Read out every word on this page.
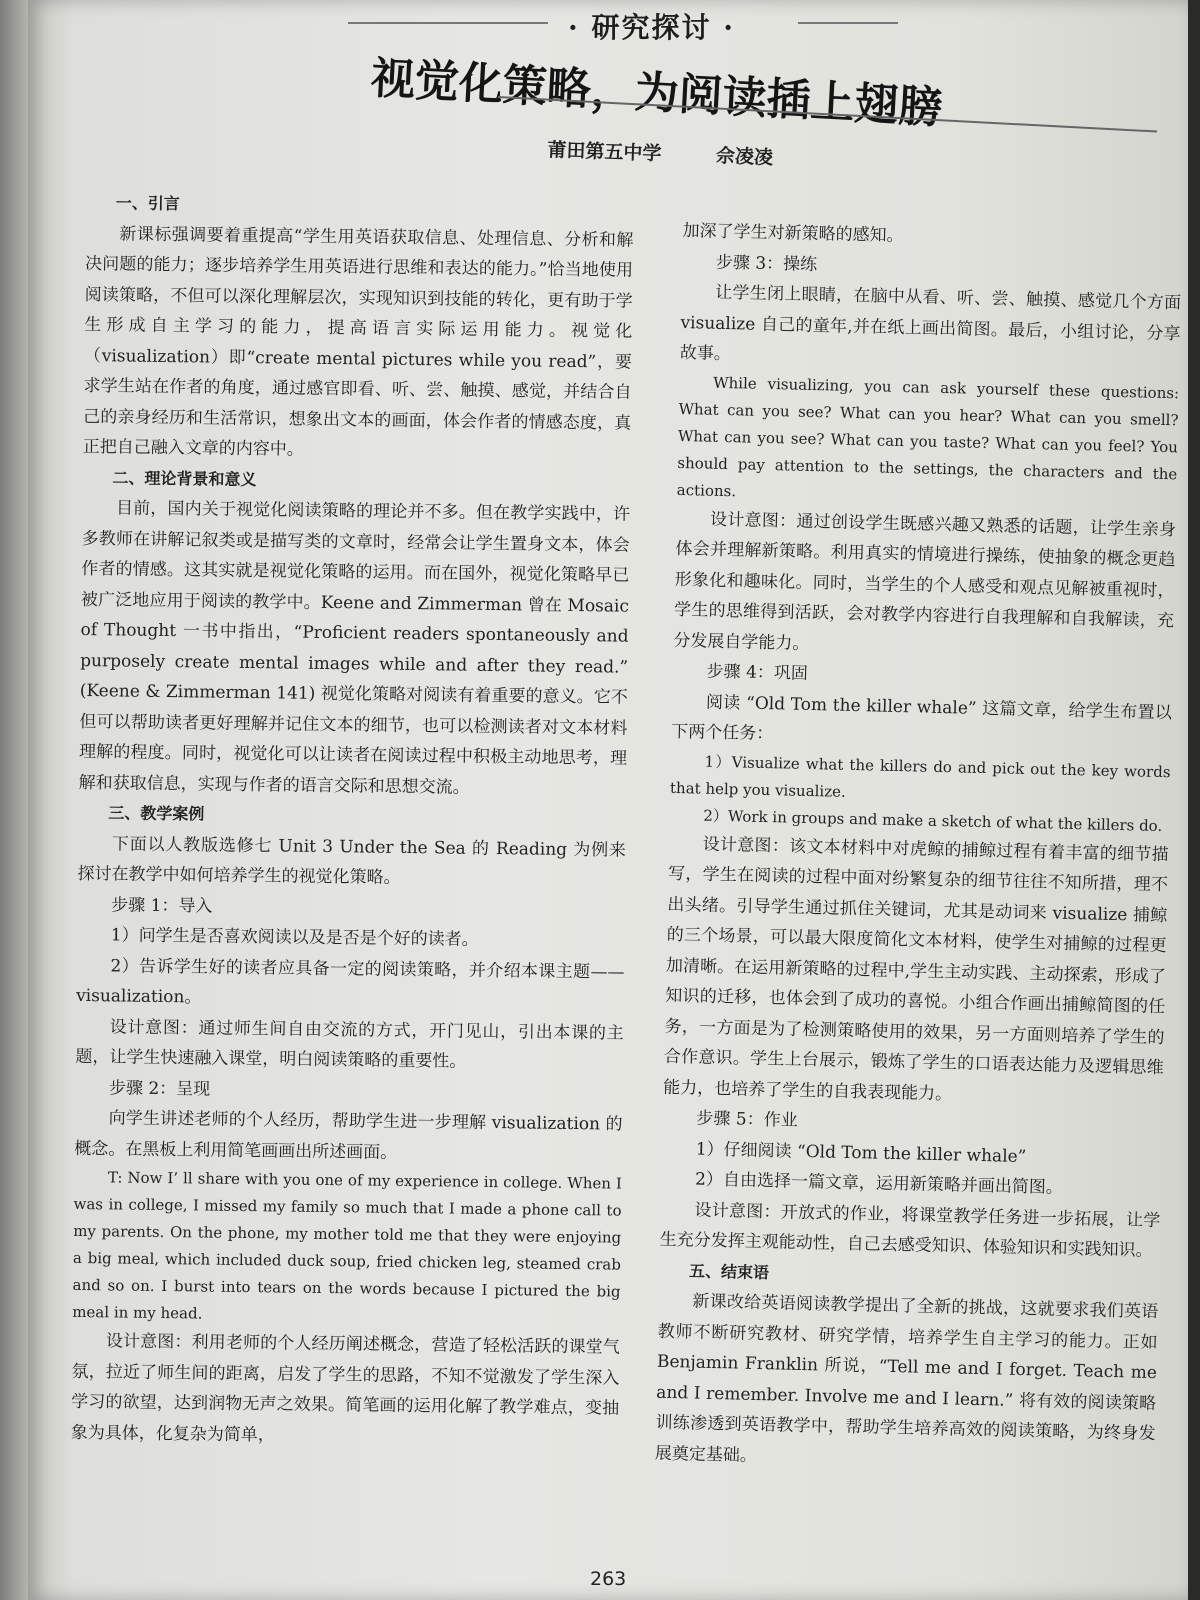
· 研究探讨 ·
视觉化策略，为阅读插上翅膀
莆田第五中学	佘凌凌

一、引言

新课标强调要着重提高“学生用英语获取信息、处理信息、分析和解决问题的能力；逐步培养学生用英语进行思维和表达的能力。”恰当地使用阅读策略，不但可以深化理解层次，实现知识到技能的转化，更有助于学生形成自主学习的能力，提高语言实际运用能力。视觉化（visualization）即“create mental pictures while you read”，要求学生站在作者的角度，通过感官即看、听、尝、触摸、感觉，并结合自己的亲身经历和生活常识，想象出文本的画面，体会作者的情感态度，真正把自己融入文章的内容中。

二、理论背景和意义

目前，国内关于视觉化阅读策略的理论并不多。但在教学实践中，许多教师在讲解记叙类或是描写类的文章时，经常会让学生置身文本，体会作者的情感。这其实就是视觉化策略的运用。而在国外，视觉化策略早已被广泛地应用于阅读的教学中。Keene and Zimmerman 曾在 Mosaic of Thought 一书中指出，“Proficient readers spontaneously and purposely create mental images while and after they read.” (Keene & Zimmerman 141) 视觉化策略对阅读有着重要的意义。它不但可以帮助读者更好理解并记住文本的细节，也可以检测读者对文本材料理解的程度。同时，视觉化可以让读者在阅读过程中积极主动地思考，理解和获取信息，实现与作者的语言交际和思想交流。

三、教学案例

下面以人教版选修七 Unit 3 Under the Sea 的 Reading 为例来探讨在教学中如何培养学生的视觉化策略。

步骤 1：导入

1）问学生是否喜欢阅读以及是否是个好的读者。

2）告诉学生好的读者应具备一定的阅读策略，并介绍本课主题——visualization。

设计意图：通过师生间自由交流的方式，开门见山，引出本课的主题，让学生快速融入课堂，明白阅读策略的重要性。

步骤 2：呈现

向学生讲述老师的个人经历，帮助学生进一步理解 visualization 的概念。在黑板上利用简笔画画出所述画面。

T: Now I’ ll share with you one of my experience in college. When I was in college, I missed my family so much that I made a phone call to my parents. On the phone, my mother told me that they were enjoying a big meal, which included duck soup, fried chicken leg, steamed crab and so on. I burst into tears on the words because I pictured the big meal in my head.

设计意图：利用老师的个人经历阐述概念，营造了轻松活跃的课堂气氛，拉近了师生间的距离，启发了学生的思路，不知不觉激发了学生深入学习的欲望，达到润物无声之效果。简笔画的运用化解了教学难点，变抽象为具体，化复杂为简单，

加深了学生对新策略的感知。

步骤 3：操练

让学生闭上眼睛，在脑中从看、听、尝、触摸、感觉几个方面 visualize 自己的童年,并在纸上画出简图。最后，小组讨论，分享故事。

While visualizing, you can ask yourself these questions: What can you see? What can you hear? What can you smell? What can you see? What can you taste? What can you feel? You should pay attention to the settings, the characters and the actions.

设计意图：通过创设学生既感兴趣又熟悉的话题，让学生亲身体会并理解新策略。利用真实的情境进行操练，使抽象的概念更趋形象化和趣味化。同时，当学生的个人感受和观点见解被重视时，学生的思维得到活跃，会对教学内容进行自我理解和自我解读，充分发展自学能力。

步骤 4：巩固

阅读 “Old Tom the killer whale” 这篇文章，给学生布置以下两个任务：

1）Visualize what the killers do and pick out the key words that help you visualize.

2）Work in groups and make a sketch of what the killers do.

设计意图：该文本材料中对虎鲸的捕鲸过程有着丰富的细节描写，学生在阅读的过程中面对纷繁复杂的细节往往不知所措，理不出头绪。引导学生通过抓住关键词，尤其是动词来 visualize 捕鲸的三个场景，可以最大限度简化文本材料，使学生对捕鲸的过程更加清晰。在运用新策略的过程中,学生主动实践、主动探索，形成了知识的迁移，也体会到了成功的喜悦。小组合作画出捕鲸简图的任务，一方面是为了检测策略使用的效果，另一方面则培养了学生的合作意识。学生上台展示，锻炼了学生的口语表达能力及逻辑思维能力，也培养了学生的自我表现能力。

步骤 5：作业

1）仔细阅读 “Old Tom the killer whale”

2）自由选择一篇文章，运用新策略并画出简图。

设计意图：开放式的作业，将课堂教学任务进一步拓展，让学生充分发挥主观能动性，自己去感受知识、体验知识和实践知识。

五、结束语

新课改给英语阅读教学提出了全新的挑战，这就要求我们英语教师不断研究教材、研究学情，培养学生自主学习的能力。正如 Benjamin Franklin 所说，“Tell me and I forget. Teach me and I remember. Involve me and I learn.” 将有效的阅读策略训练渗透到英语教学中，帮助学生培养高效的阅读策略，为终身发展奠定基础。

263
